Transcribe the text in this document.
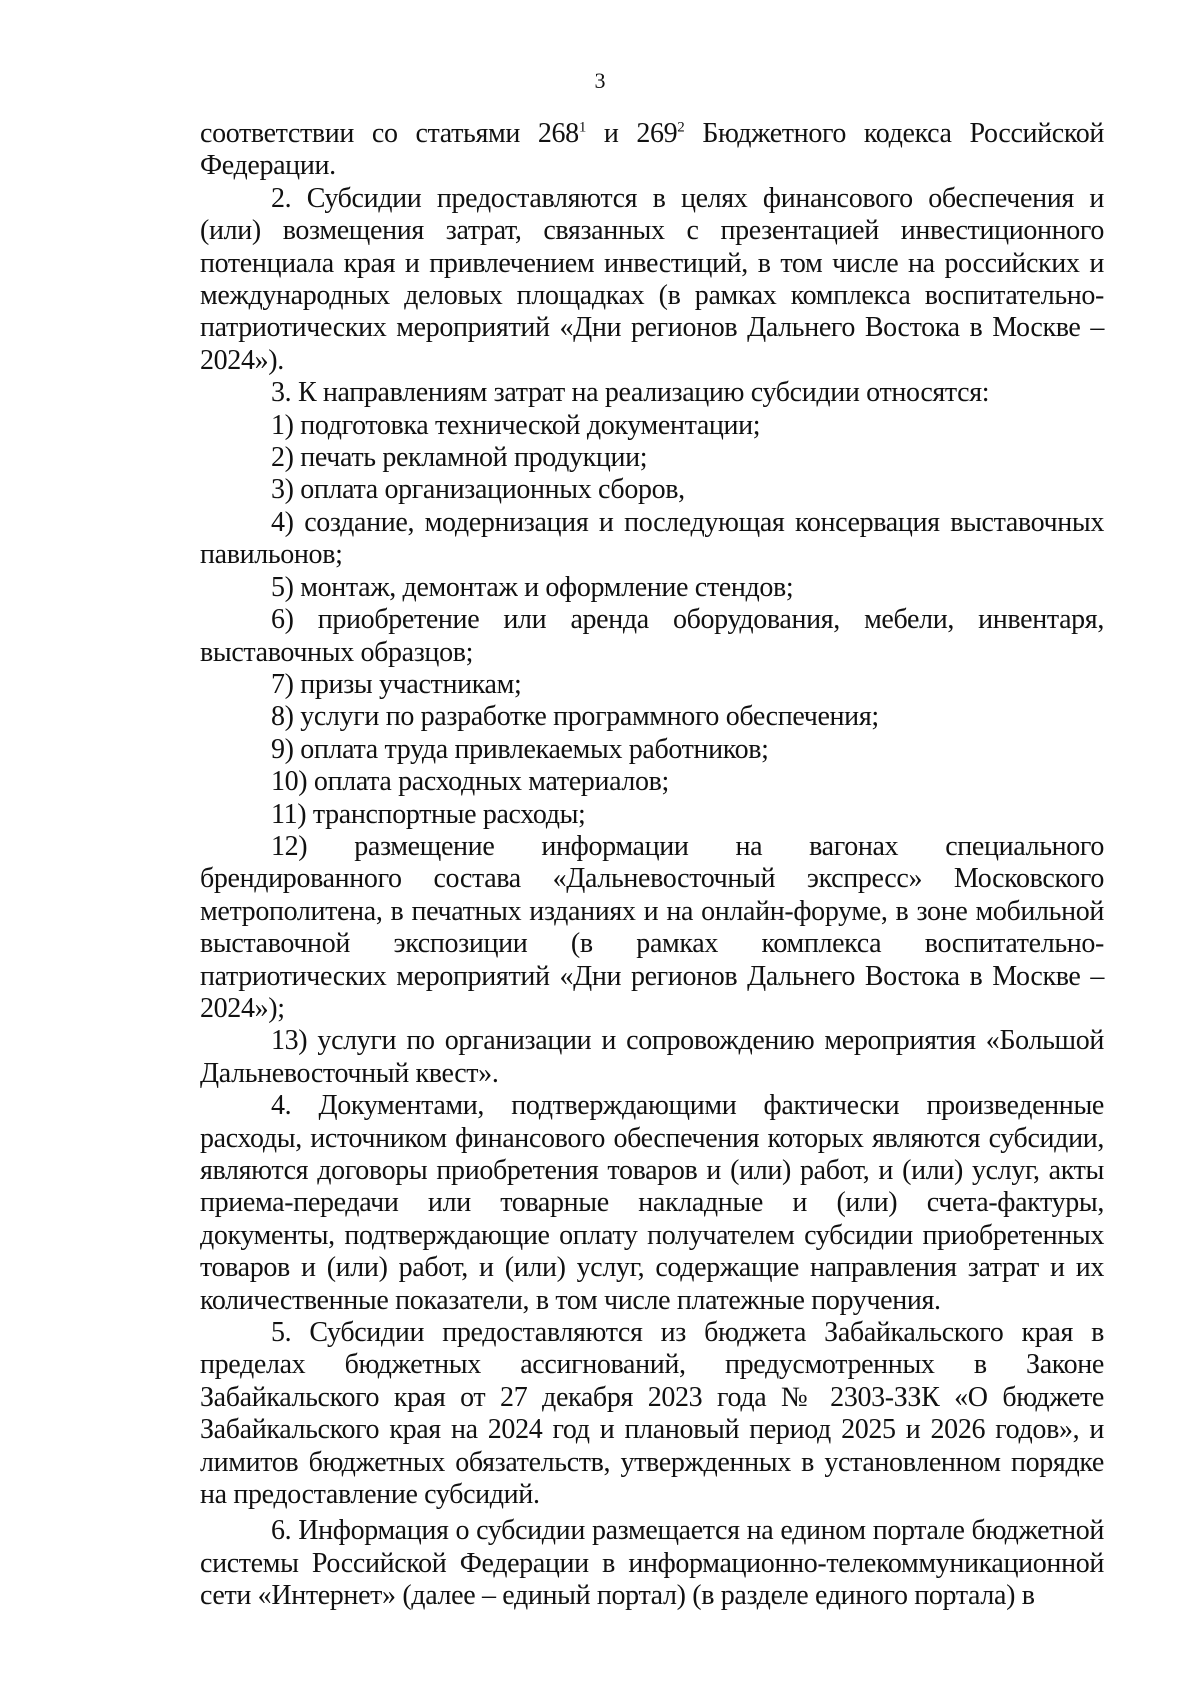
3

соответствии со статьями $268^1$ и $269^2$ Бюджетного кодекса Российской Федерации.

2. Субсидии предоставляются в целях финансового обеспечения и (или) возмещения затрат, связанных с презентацией инвестиционного потенциала края и привлечением инвестиций, в том числе на российских и международных деловых площадках (в рамках комплекса воспитательно-патриотических мероприятий «Дни регионов Дальнего Востока в Москве – 2024»).

3. К направлениям затрат на реализацию субсидии относятся:

1) подготовка технической документации;

2) печать рекламной продукции;

3) оплата организационных сборов,

4) создание, модернизация и последующая консервация выставочных павильонов;

5) монтаж, демонтаж и оформление стендов;

6) приобретение или аренда оборудования, мебели, инвентаря, выставочных образцов;

7) призы участникам;

8) услуги по разработке программного обеспечения;

9) оплата труда привлекаемых работников;

10) оплата расходных материалов;

11) транспортные расходы;

12) размещение информации на вагонах специального брендированного состава «Дальневосточный экспресс» Московского метрополитена, в печатных изданиях и на онлайн-форуме, в зоне мобильной выставочной экспозиции (в рамках комплекса воспитательно-патриотических мероприятий «Дни регионов Дальнего Востока в Москве – 2024»);

13) услуги по организации и сопровождению мероприятия «Большой Дальневосточный квест».

4. Документами, подтверждающими фактически произведенные расходы, источником финансового обеспечения которых являются субсидии, являются договоры приобретения товаров и (или) работ, и (или) услуг, акты приема-передачи или товарные накладные и (или) счета-фактуры, документы, подтверждающие оплату получателем субсидии приобретенных товаров и (или) работ, и (или) услуг, содержащие направления затрат и их количественные показатели, в том числе платежные поручения.

5. Субсидии предоставляются из бюджета Забайкальского края в пределах бюджетных ассигнований, предусмотренных в Законе Забайкальского края от 27 декабря 2023 года № 2303-ЗЗК «О бюджете Забайкальского края на 2024 год и плановый период 2025 и 2026 годов», и лимитов бюджетных обязательств, утвержденных в установленном порядке на предоставление субсидий.

6. Информация о субсидии размещается на едином портале бюджетной системы Российской Федерации в информационно-телекоммуникационной сети «Интернет» (далее – единый портал) (в разделе единого портала) в
